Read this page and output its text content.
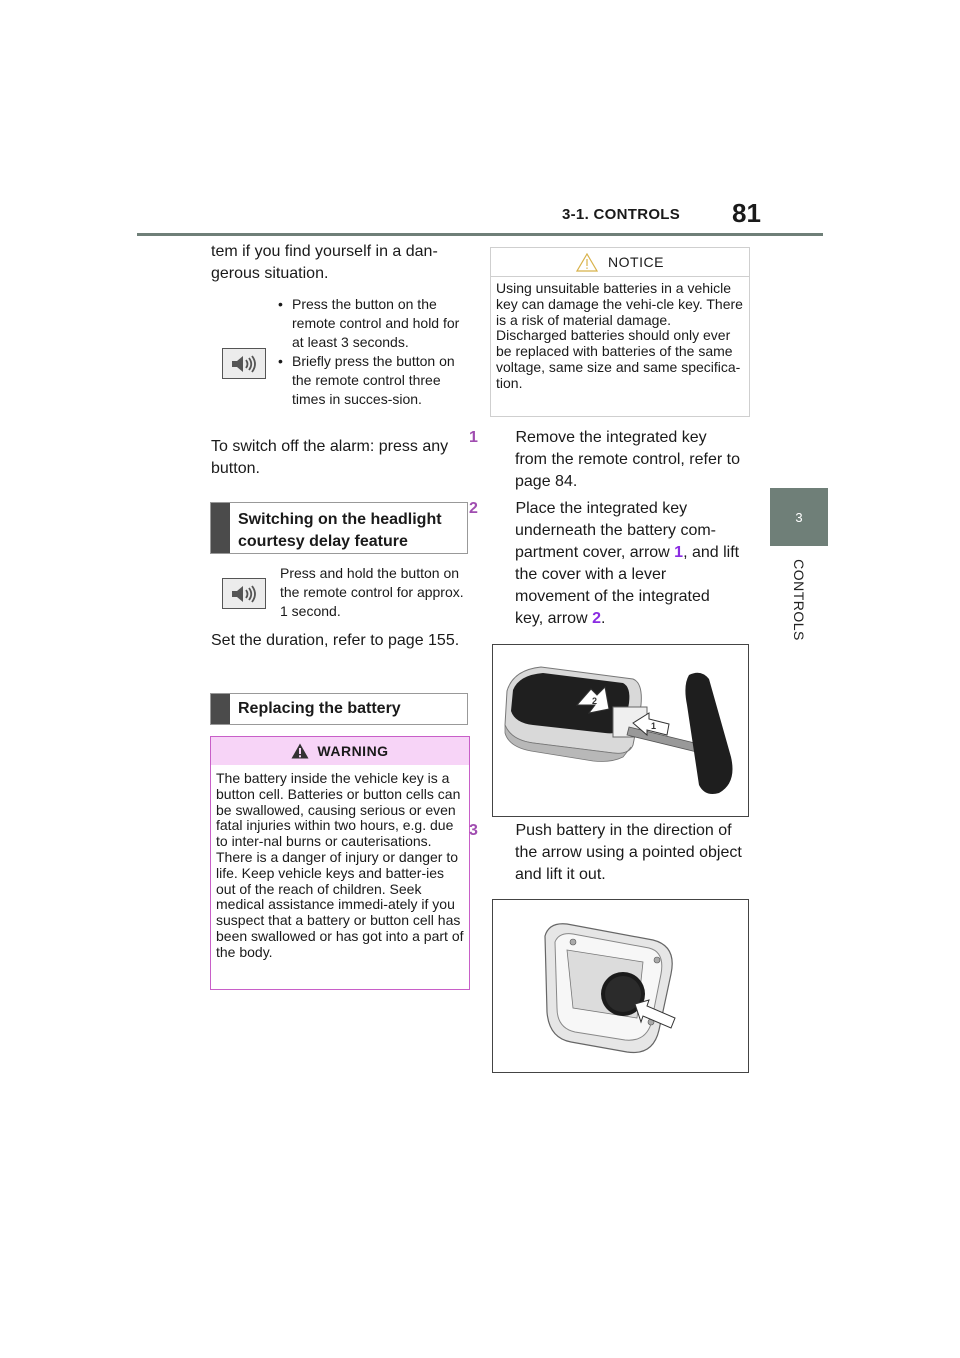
3-1. CONTROLS 81
3
CONTROLS
tem if you find yourself in a dan-gerous situation.
• Press the button on the remote control and hold for at least 3 seconds.
• Briefly press the button on the remote control three times in succes-sion.
To switch off the alarm: press any button.
Switching on the headlight courtesy delay feature
Press and hold the button on the remote control for approx. 1 second.
Set the duration, refer to page 155.
Replacing the battery
WARNING
The battery inside the vehicle key is a button cell. Batteries or button cells can be swallowed, causing serious or even fatal injuries within two hours, e.g. due to inter-nal burns or cauterisations. There is a danger of injury or danger to life. Keep vehicle keys and batter-ies out of the reach of children. Seek medical assistance immedi-ately if you suspect that a battery or button cell has been swallowed or has got into a part of the body.
NOTICE
Using unsuitable batteries in a vehicle key can damage the vehi-cle key. There is a risk of material damage. Discharged batteries should only ever be replaced with batteries of the same voltage, same size and same specifica-tion.
1 Remove the integrated key from the remote control, refer to page 84.
2 Place the integrated key underneath the battery com-partment cover, arrow 1, and lift the cover with a lever movement of the integrated key, arrow 2.
2
1
3 Push battery in the direction of the arrow using a pointed object and lift it out.
